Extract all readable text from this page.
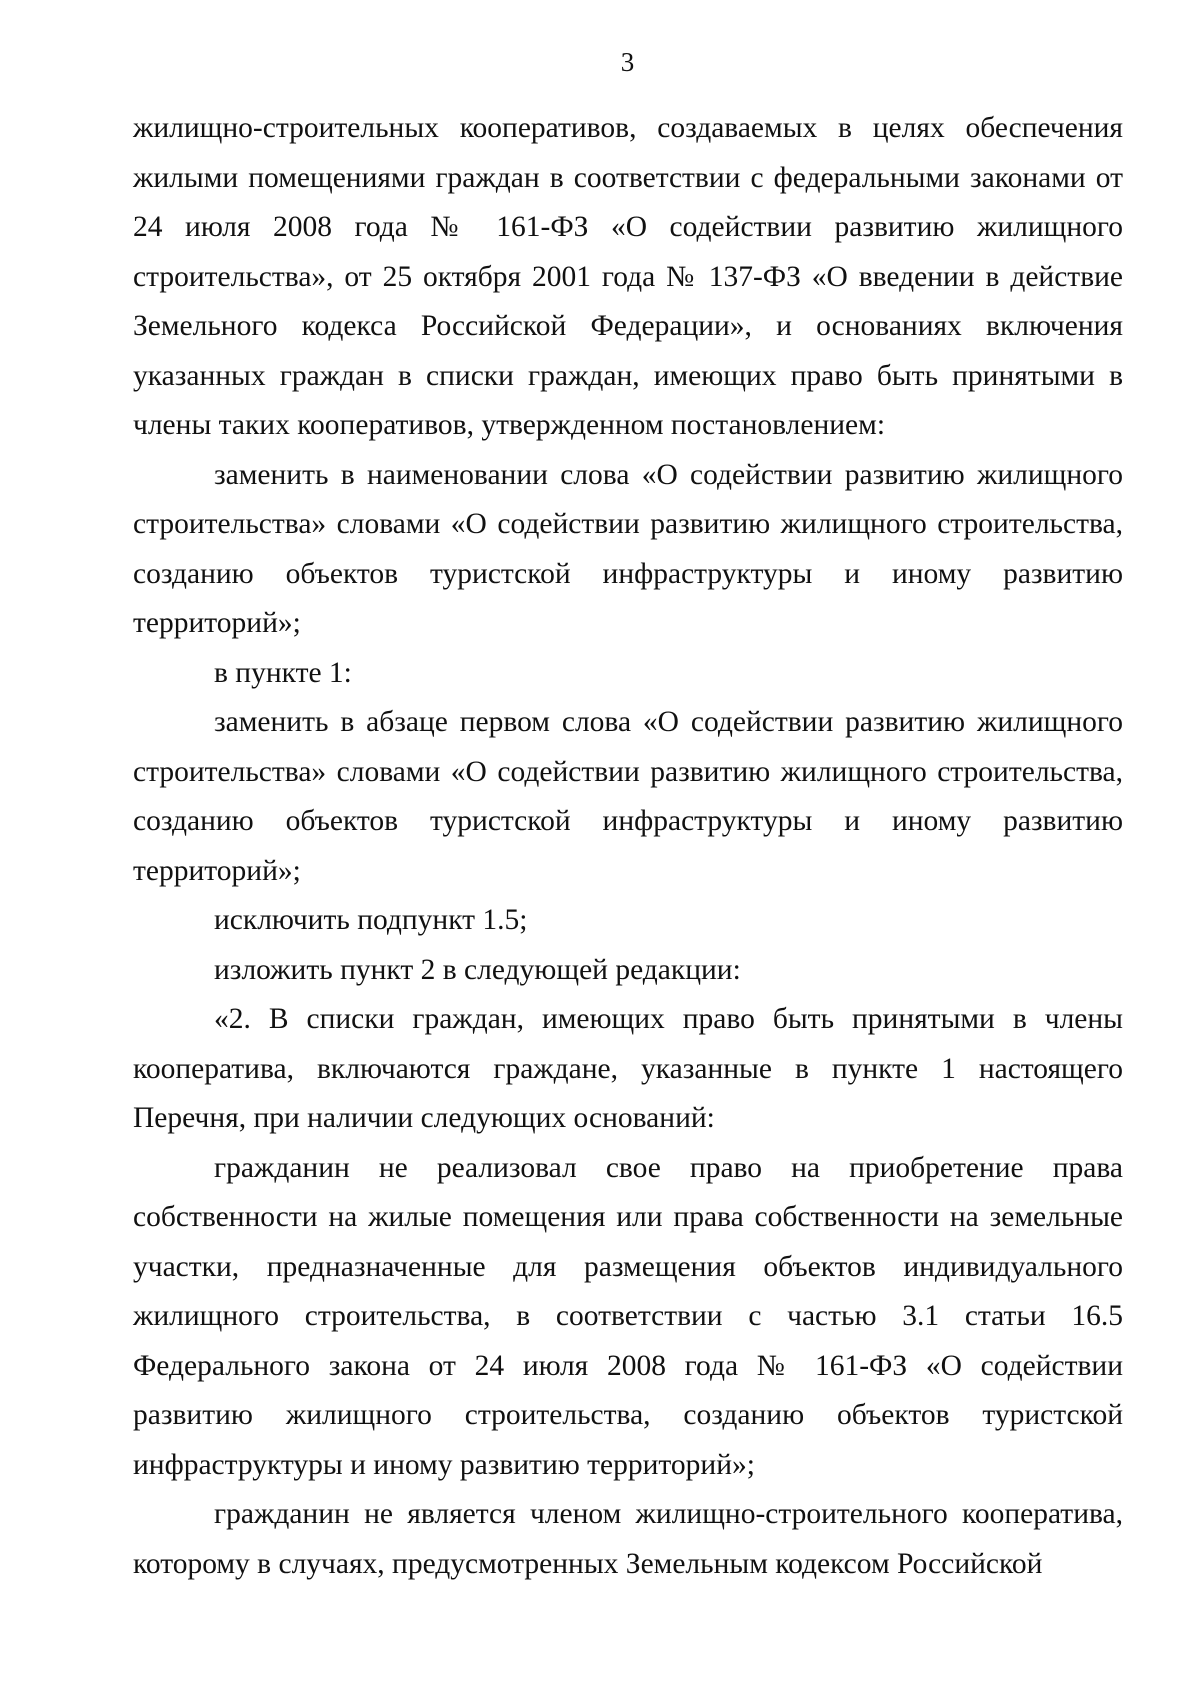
3

жилищно-строительных кооперативов, создаваемых в целях обеспечения жилыми помещениями граждан в соответствии с федеральными законами от 24 июля 2008 года № 161-ФЗ «О содействии развитию жилищного строительства», от 25 октября 2001 года № 137-ФЗ «О введении в действие Земельного кодекса Российской Федерации», и основаниях включения указанных граждан в списки граждан, имеющих право быть принятыми в члены таких кооперативов, утвержденном постановлением:

заменить в наименовании слова «О содействии развитию жилищного строительства» словами «О содействии развитию жилищного строительства, созданию объектов туристской инфраструктуры и иному развитию территорий»;

в пункте 1:

заменить в абзаце первом слова «О содействии развитию жилищного строительства» словами «О содействии развитию жилищного строительства, созданию объектов туристской инфраструктуры и иному развитию территорий»;

исключить подпункт 1.5;

изложить пункт 2 в следующей редакции:

«2. В списки граждан, имеющих право быть принятыми в члены кооператива, включаются граждане, указанные в пункте 1 настоящего Перечня, при наличии следующих оснований:

гражданин не реализовал свое право на приобретение права собственности на жилые помещения или права собственности на земельные участки, предназначенные для размещения объектов индивидуального жилищного строительства, в соответствии с частью 3.1 статьи 16.5 Федерального закона от 24 июля 2008 года № 161-ФЗ «О содействии развитию жилищного строительства, созданию объектов туристской инфраструктуры и иному развитию территорий»;

гражданин не является членом жилищно-строительного кооператива, которому в случаях, предусмотренных Земельным кодексом Российской
